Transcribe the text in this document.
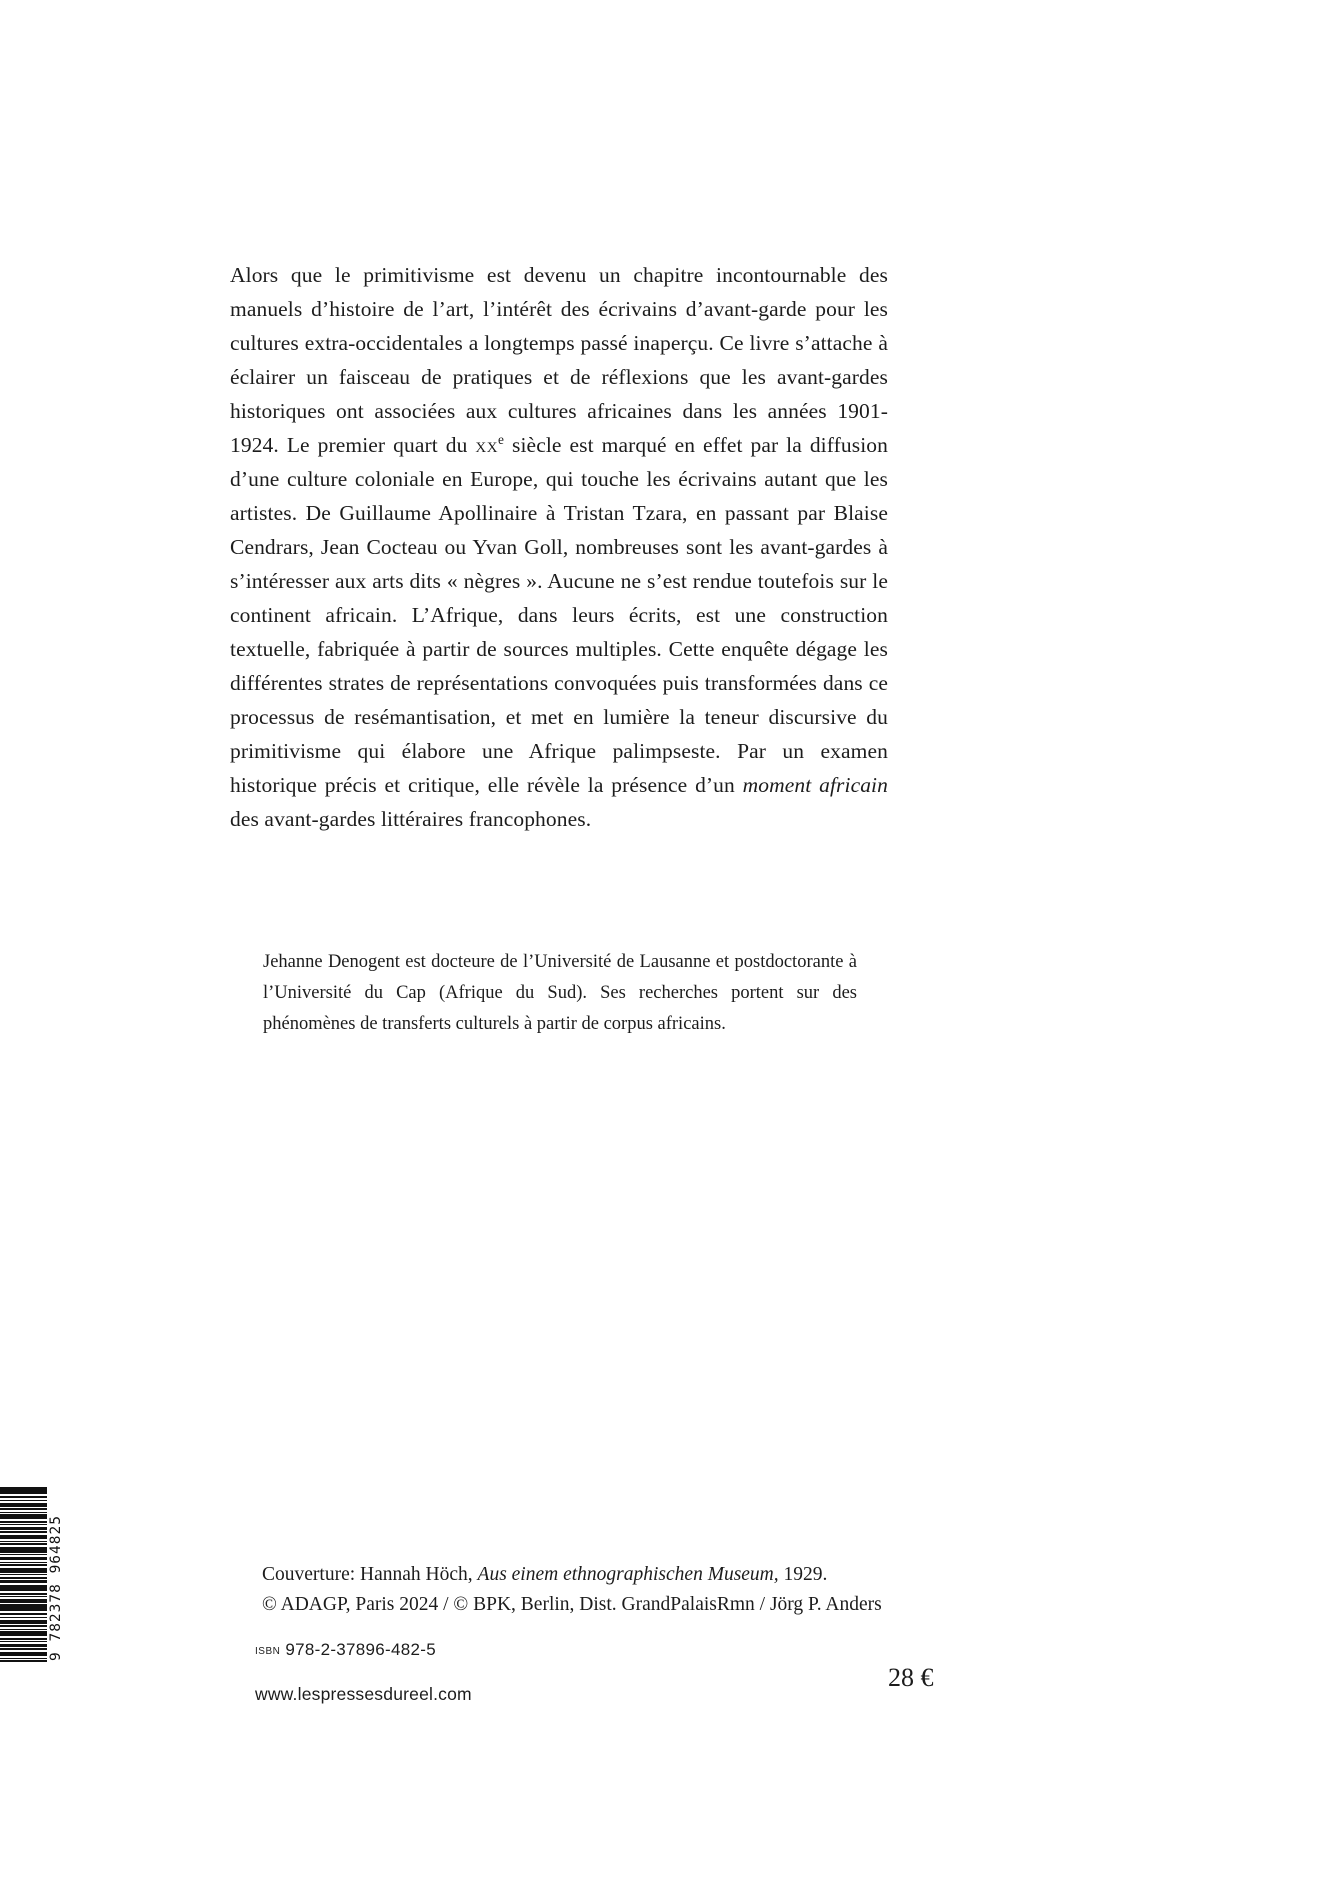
Alors que le primitivisme est devenu un chapitre incontournable des manuels d’histoire de l’art, l’intérêt des écrivains d’avant-garde pour les cultures extra-occidentales a longtemps passé inaperçu. Ce livre s’attache à éclairer un faisceau de pratiques et de réflexions que les avant-gardes historiques ont associées aux cultures africaines dans les années 1901-1924. Le premier quart du $xx^e$ siècle est marqué en effet par la diffusion d’une culture coloniale en Europe, qui touche les écrivains autant que les artistes. De Guillaume Apollinaire à Tristan Tzara, en passant par Blaise Cendrars, Jean Cocteau ou Yvan Goll, nombreuses sont les avant-gardes à s’intéresser aux arts dits « nègres ». Aucune ne s’est rendue toutefois sur le continent africain. L’Afrique, dans leurs écrits, est une construction textuelle, fabriquée à partir de sources multiples. Cette enquête dégage les différentes strates de représentations convoquées puis transformées dans ce processus de resémantisation, et met en lumière la teneur discursive du primitivisme qui élabore une Afrique palimpseste. Par un examen historique précis et critique, elle révèle la présence d’un moment africain des avant-gardes littéraires francophones.

Jehanne Denogent est docteure de l’Université de Lausanne et postdoctorante à l’Université du Cap (Afrique du Sud). Ses recherches portent sur des phénomènes de transferts culturels à partir de corpus africains.

9 782378 964825	Couverture: Hannah Höch, Aus einem ethnographischen Museum, 1929.
© ADAGP, Paris 2024 / © BPK, Berlin, Dist. GrandPalaisRmn / Jörg P. Anders
ISBN 978-2-37896-482-5
www.lespressesdureel.com
28 €
